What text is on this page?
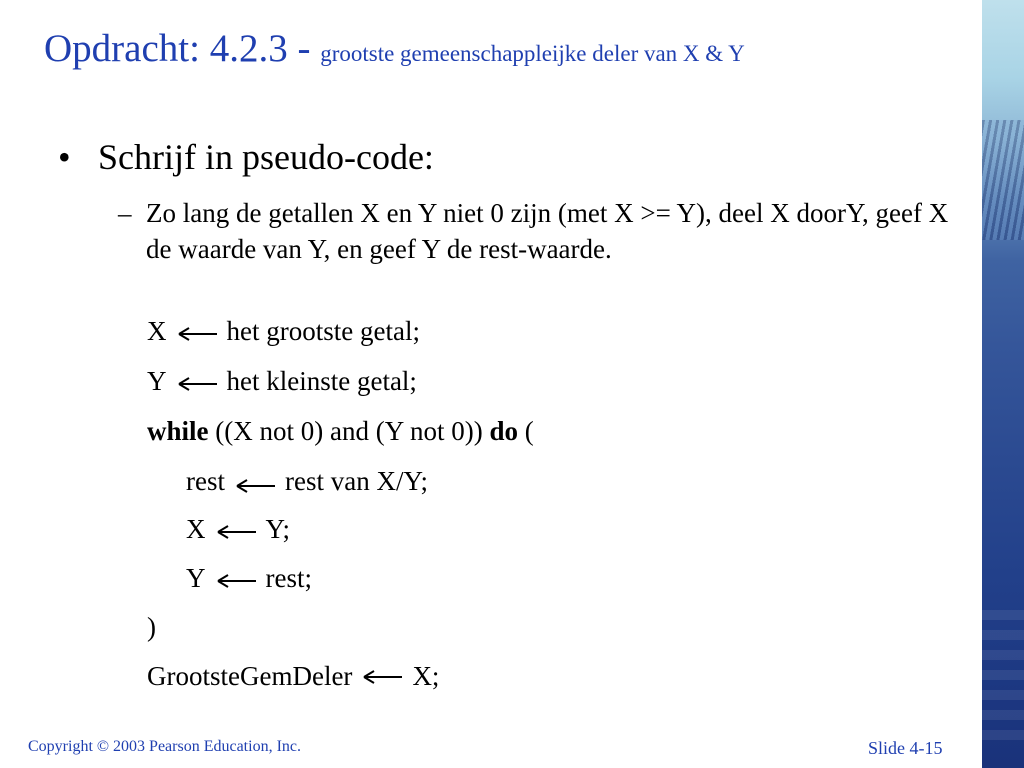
Opdracht: 4.2.3 - grootste gemeenschappleijke deler van X & Y
• Schrijf in pseudo-code:
– Zo lang de getallen X en Y niet 0 zijn (met X >= Y), deel X doorY, geef X de waarde van Y, en geef Y de rest-waarde.
X het grootste getal;
Y het kleinste getal;
while ((X not 0) and (Y not 0)) do (
rest rest van X/Y;
X Y;
Y rest;
)
GrootsteGemDeler X;
Copyright © 2003 Pearson Education, Inc.	Slide 4-15
